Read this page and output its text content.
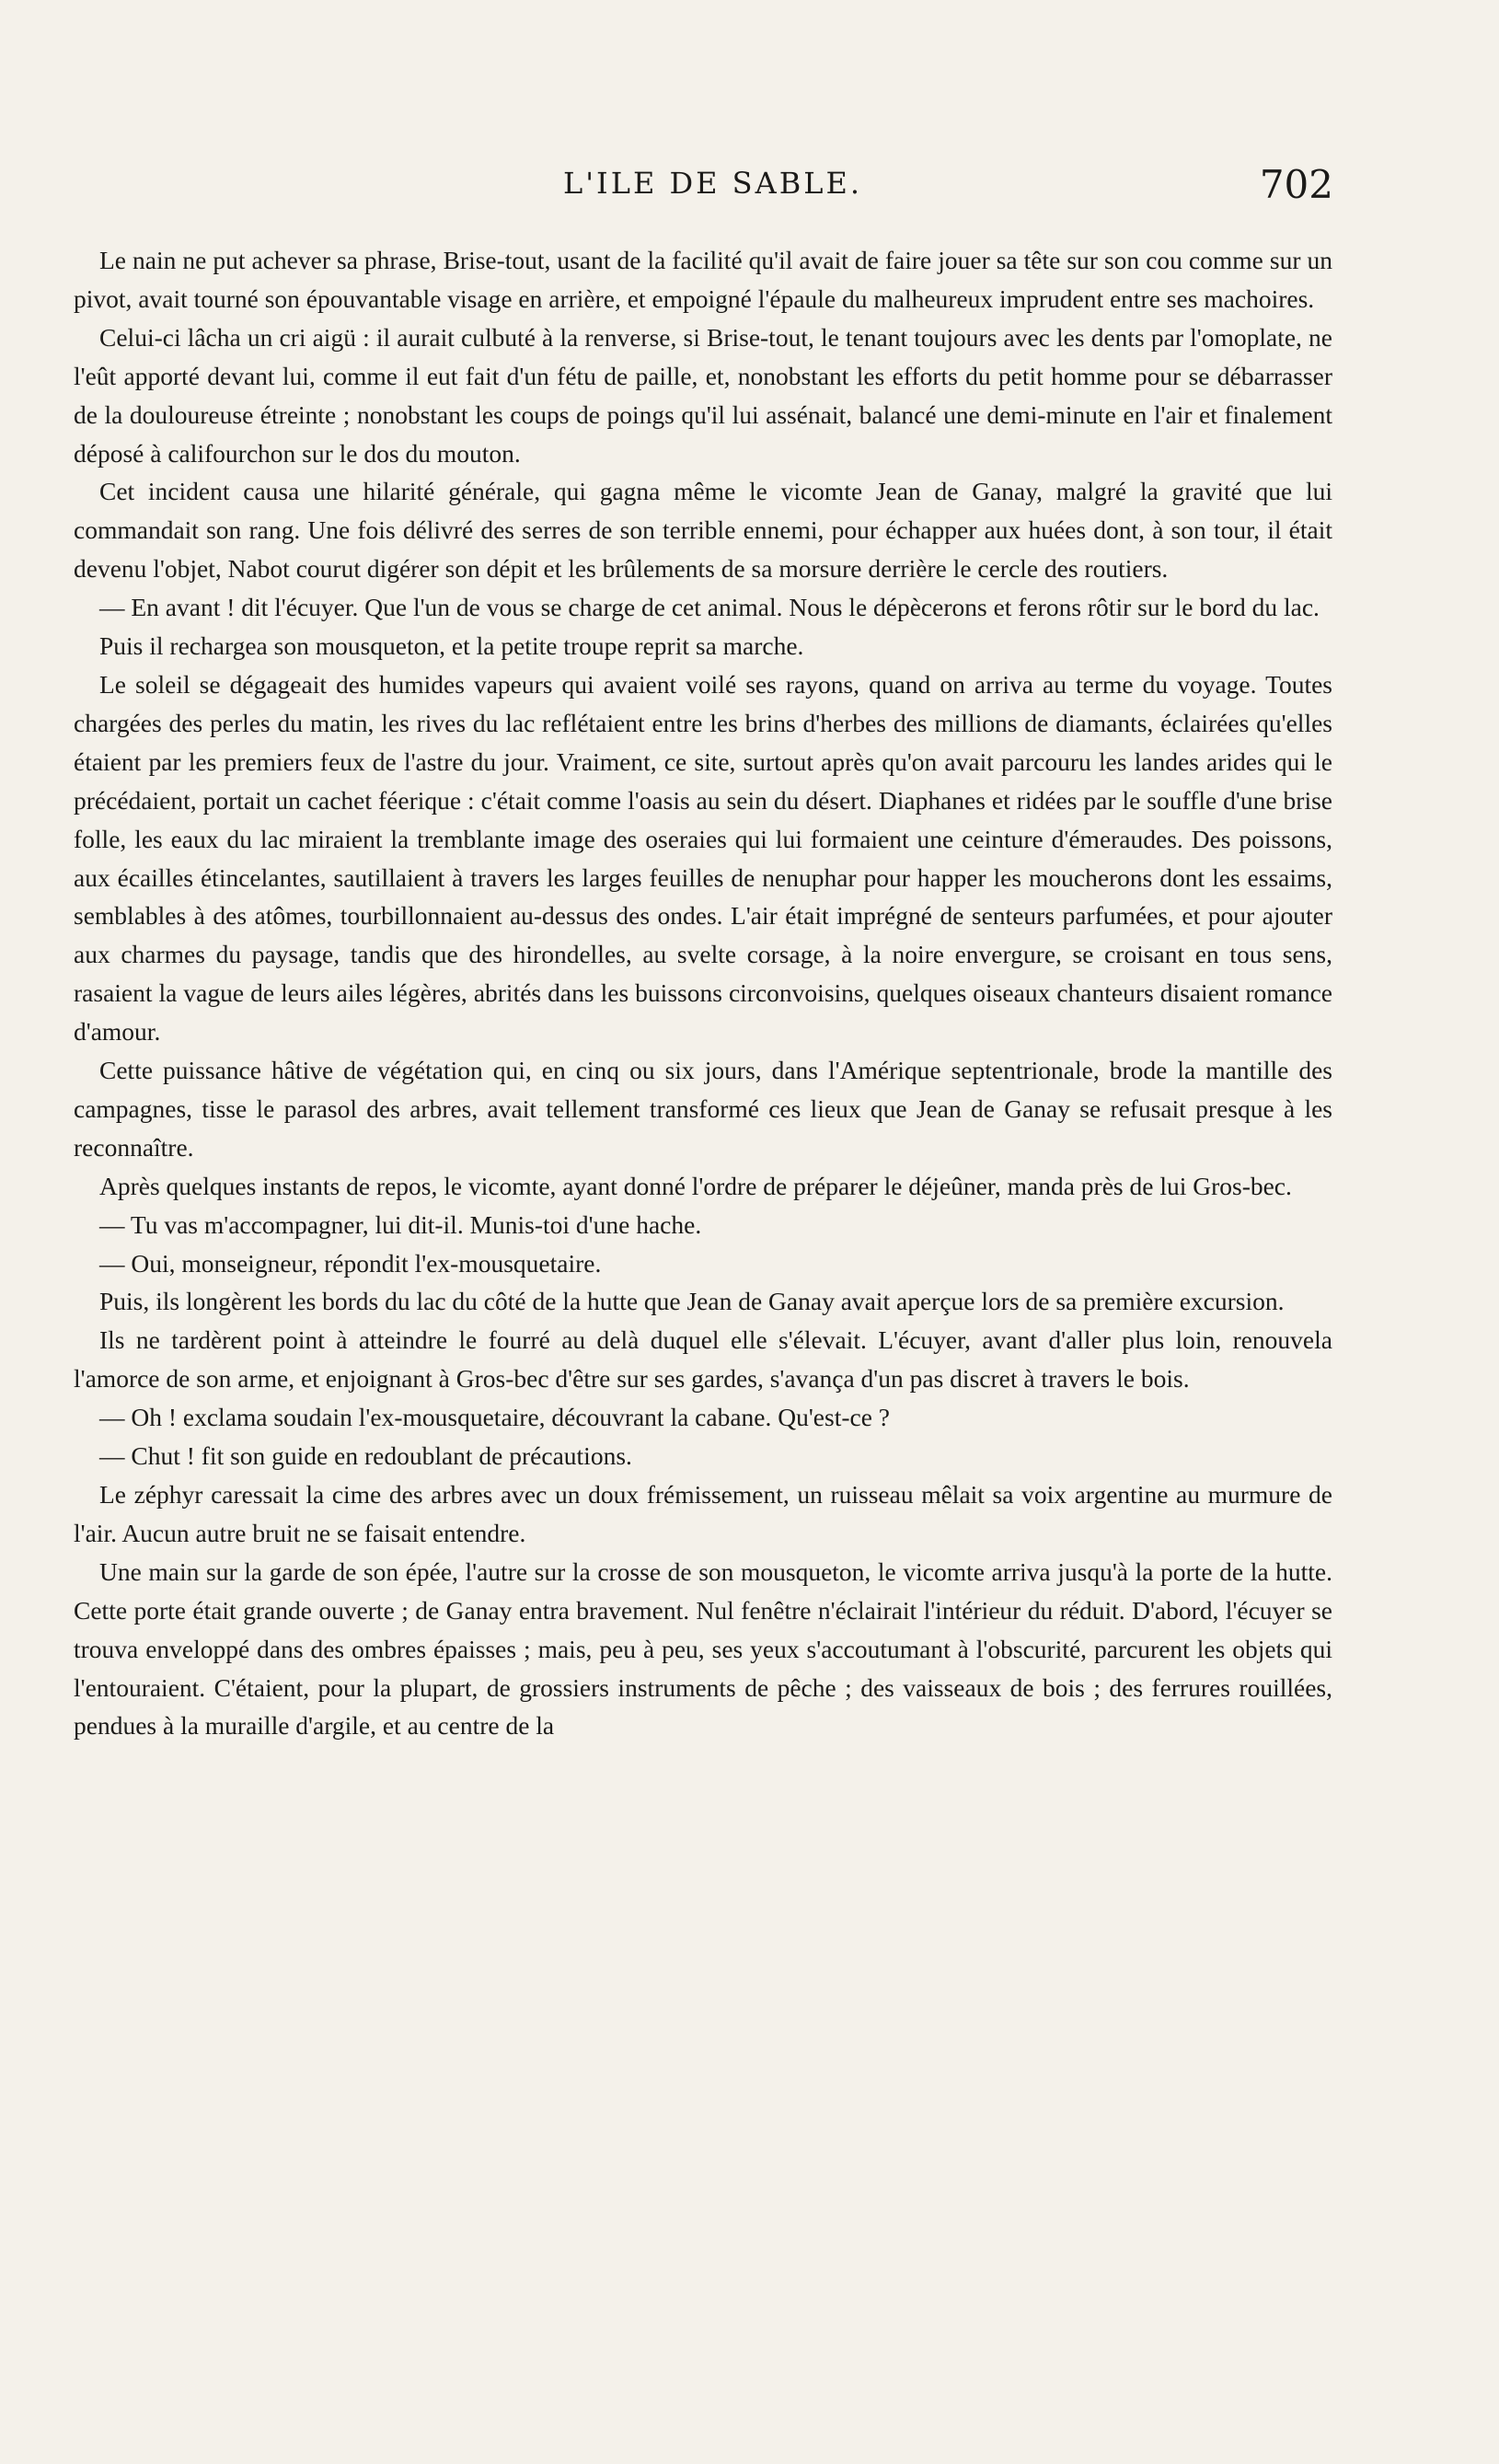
L'ILE DE SABLE.	702

Le nain ne put achever sa phrase, Brise-tout, usant de la facilité qu'il avait de faire jouer sa tête sur son cou comme sur un pivot, avait tourné son épouvantable visage en arrière, et empoigné l'épaule du malheureux imprudent entre ses machoires.

Celui-ci lâcha un cri aigü : il aurait culbuté à la renverse, si Brise-tout, le tenant toujours avec les dents par l'omoplate, ne l'eût apporté devant lui, comme il eut fait d'un fétu de paille, et, nonobstant les efforts du petit homme pour se débarrasser de la douloureuse étreinte ; nonobstant les coups de poings qu'il lui assénait, balancé une demi-minute en l'air et finalement déposé à califourchon sur le dos du mouton.

Cet incident causa une hilarité générale, qui gagna même le vicomte Jean de Ganay, malgré la gravité que lui commandait son rang. Une fois délivré des serres de son terrible ennemi, pour échapper aux huées dont, à son tour, il était devenu l'objet, Nabot courut digérer son dépit et les brûlements de sa morsure derrière le cercle des routiers.

— En avant ! dit l'écuyer. Que l'un de vous se charge de cet animal. Nous le dépècerons et ferons rôtir sur le bord du lac.

Puis il rechargea son mousqueton, et la petite troupe reprit sa marche.

Le soleil se dégageait des humides vapeurs qui avaient voilé ses rayons, quand on arriva au terme du voyage. Toutes chargées des perles du matin, les rives du lac reflétaient entre les brins d'herbes des millions de diamants, éclairées qu'elles étaient par les premiers feux de l'astre du jour. Vraiment, ce site, surtout après qu'on avait parcouru les landes arides qui le précédaient, portait un cachet féerique : c'était comme l'oasis au sein du désert. Diaphanes et ridées par le souffle d'une brise folle, les eaux du lac miraient la tremblante image des oseraies qui lui formaient une ceinture d'émeraudes. Des poissons, aux écailles étincelantes, sautillaient à travers les larges feuilles de nenuphar pour happer les moucherons dont les essaims, semblables à des atômes, tourbillonnaient au-dessus des ondes. L'air était imprégné de senteurs parfumées, et pour ajouter aux charmes du paysage, tandis que des hirondelles, au svelte corsage, à la noire envergure, se croisant en tous sens, rasaient la vague de leurs ailes légères, abrités dans les buissons circonvoisins, quelques oiseaux chanteurs disaient romance d'amour.

Cette puissance hâtive de végétation qui, en cinq ou six jours, dans l'Amérique septentrionale, brode la mantille des campagnes, tisse le parasol des arbres, avait tellement transformé ces lieux que Jean de Ganay se refusait presque à les reconnaître.

Après quelques instants de repos, le vicomte, ayant donné l'ordre de préparer le déjeûner, manda près de lui Gros-bec.

— Tu vas m'accompagner, lui dit-il. Munis-toi d'une hache.

— Oui, monseigneur, répondit l'ex-mousquetaire.

Puis, ils longèrent les bords du lac du côté de la hutte que Jean de Ganay avait aperçue lors de sa première excursion.

Ils ne tardèrent point à atteindre le fourré au delà duquel elle s'élevait. L'écuyer, avant d'aller plus loin, renouvela l'amorce de son arme, et enjoignant à Gros-bec d'être sur ses gardes, s'avança d'un pas discret à travers le bois.

— Oh ! exclama soudain l'ex-mousquetaire, découvrant la cabane. Qu'est-ce ?

— Chut ! fit son guide en redoublant de précautions.

Le zéphyr caressait la cime des arbres avec un doux frémissement, un ruisseau mêlait sa voix argentine au murmure de l'air. Aucun autre bruit ne se faisait entendre.

Une main sur la garde de son épée, l'autre sur la crosse de son mousqueton, le vicomte arriva jusqu'à la porte de la hutte. Cette porte était grande ouverte ; de Ganay entra bravement. Nul fenêtre n'éclairait l'intérieur du réduit. D'abord, l'écuyer se trouva enveloppé dans des ombres épaisses ; mais, peu à peu, ses yeux s'accoutumant à l'obscurité, parcurent les objets qui l'entouraient. C'étaient, pour la plupart, de grossiers instruments de pêche ; des vaisseaux de bois ; des ferrures rouillées, pendues à la muraille d'argile, et au centre de la
